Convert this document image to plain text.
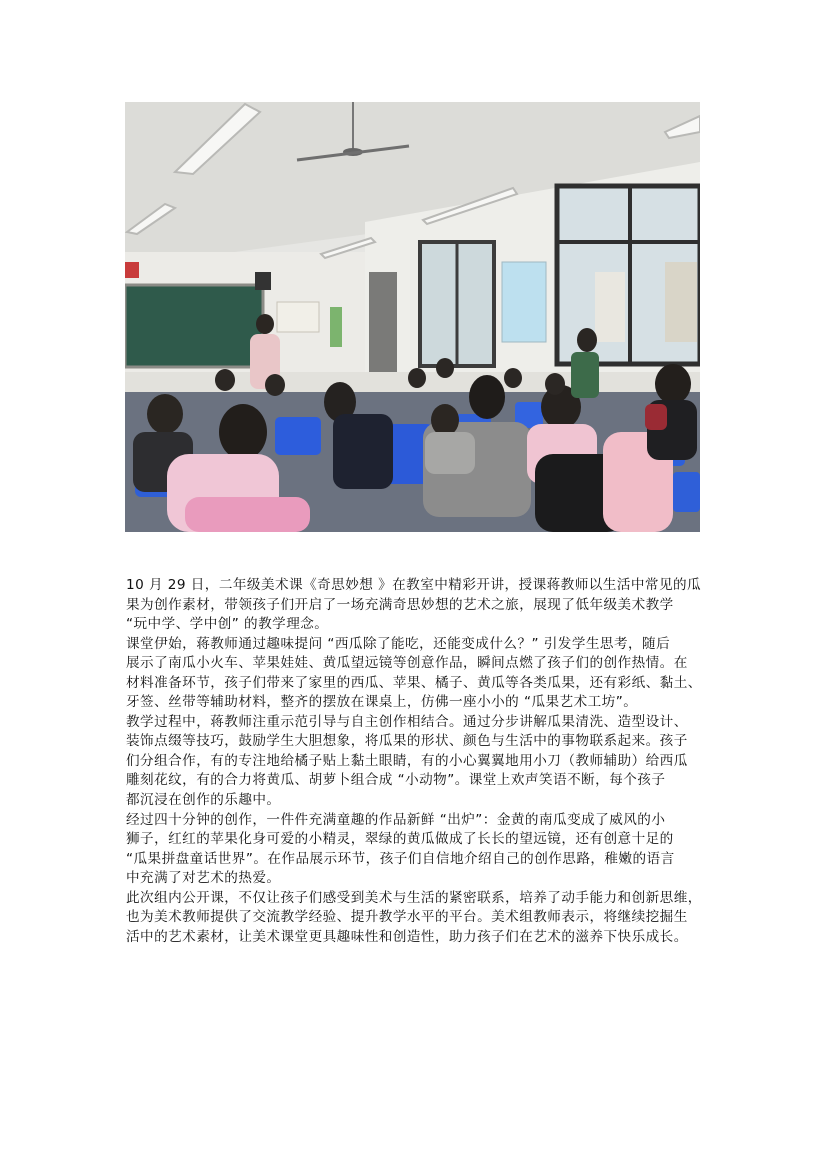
10 月 29 日，二年级美术课《奇思妙想 》在教室中精彩开讲，授课蒋教师以生活中常见的瓜
果为创作素材，带领孩子们开启了一场充满奇思妙想的艺术之旅，展现了低年级美术教学
“玩中学、学中创” 的教学理念。

课堂伊始，蒋教师通过趣味提问 “西瓜除了能吃，还能变成什么？” 引发学生思考，随后
展示了南瓜小火车、苹果娃娃、黄瓜望远镜等创意作品，瞬间点燃了孩子们的创作热情。在
材料准备环节，孩子们带来了家里的西瓜、苹果、橘子、黄瓜等各类瓜果，还有彩纸、黏土、
牙签、丝带等辅助材料，整齐的摆放在课桌上，仿佛一座小小的 “瓜果艺术工坊”。

教学过程中，蒋教师注重示范引导与自主创作相结合。通过分步讲解瓜果清洗、造型设计、
装饰点缀等技巧，鼓励学生大胆想象，将瓜果的形状、颜色与生活中的事物联系起来。孩子
们分组合作，有的专注地给橘子贴上黏土眼睛，有的小心翼翼地用小刀（教师辅助）给西瓜
雕刻花纹，有的合力将黄瓜、胡萝卜组合成 “小动物”。课堂上欢声笑语不断，每个孩子
都沉浸在创作的乐趣中。

经过四十分钟的创作，一件件充满童趣的作品新鲜 “出炉”：金黄的南瓜变成了威风的小
狮子，红红的苹果化身可爱的小精灵，翠绿的黄瓜做成了长长的望远镜，还有创意十足的
“瓜果拼盘童话世界”。在作品展示环节，孩子们自信地介绍自己的创作思路，稚嫩的语言
中充满了对艺术的热爱。

此次组内公开课，不仅让孩子们感受到美术与生活的紧密联系，培养了动手能力和创新思维，
也为美术教师提供了交流教学经验、提升教学水平的平台。美术组教师表示，将继续挖掘生
活中的艺术素材，让美术课堂更具趣味性和创造性，助力孩子们在艺术的滋养下快乐成长。
